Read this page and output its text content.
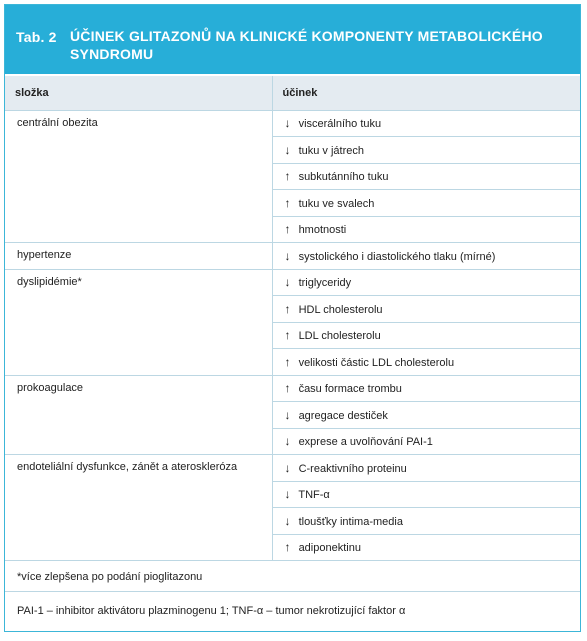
Tab. 2 ÚČINEK GLITAZONŮ NA KLINICKÉ KOMPONENTY METABOLICKÉHO SYNDROMU
složka	účinek
centrální obezita	↓ viscerálního tuku
	↓ tuku v játrech
	↑ subkutánního tuku
	↑ tuku ve svalech
	↑ hmotnosti
hypertenze	↓ systolického i diastolického tlaku (mírné)
dyslipidémie*	↓ triglyceridy
	↑ HDL cholesterolu
	↑ LDL cholesterolu
	↑ velikosti částic LDL cholesterolu
prokoagulace	↑ času formace trombu
	↓ agregace destiček
	↓ exprese a uvolňování PAI-1
endoteliální dysfunkce, zánět a ateroskleróza	↓ C-reaktivního proteinu
	↓ TNF-α
	↓ tloušťky intima-media
	↑ adiponektinu
*více zlepšena po podání pioglitazonu
PAI-1 – inhibitor aktivátoru plazminogenu 1; TNF-α – tumor nekrotizující faktor α
